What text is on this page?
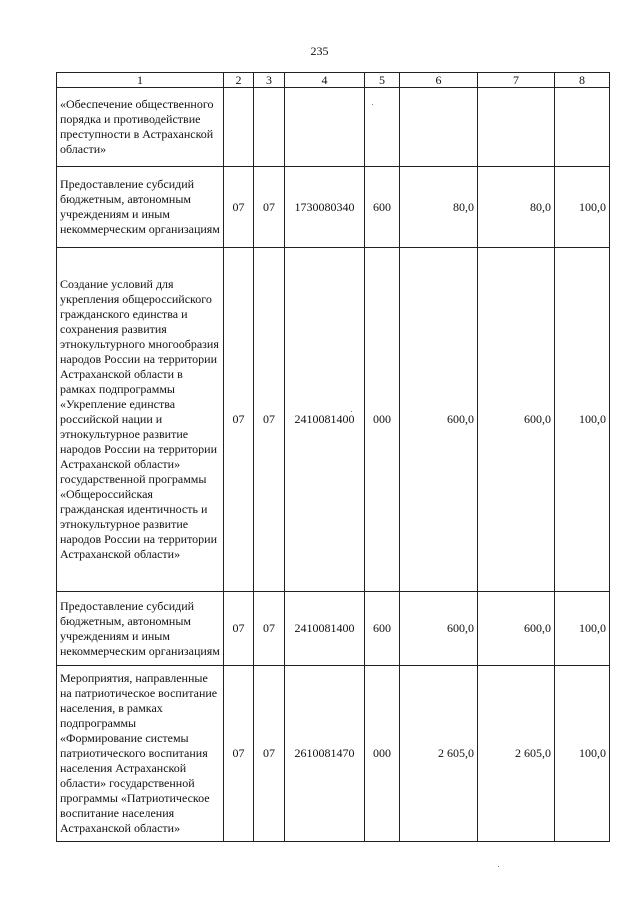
235
1	2	3	4	5	6	7	8
«Обеспечение общественного порядка и противодействие преступности в Астраханской области»							
Предоставление субсидий бюджетным, автономным учреждениям и иным некоммерческим организациям	07	07	1730080340	600	80,0	80,0	100,0
Создание условий для укрепления общероссийского гражданского единства и сохранения развития этнокультурного многообразия народов России на территории Астраханской области в рамках подпрограммы «Укрепление единства российской нации и этнокультурное развитие народов России на территории Астраханской области» государственной программы «Общероссийская гражданская идентичность и этнокультурное развитие народов России на территории Астраханской области»	07	07	2410081400	000	600,0	600,0	100,0
Предоставление субсидий бюджетным, автономным учреждениям и иным некоммерческим организациям	07	07	2410081400	600	600,0	600,0	100,0
Мероприятия, направленные на патриотическое воспитание населения, в рамках подпрограммы «Формирование системы патриотического воспитания населения Астраханской области» государственной программы «Патриотическое воспитание населения Астраханской области»	07	07	2610081470	000	2 605,0	2 605,0	100,0
